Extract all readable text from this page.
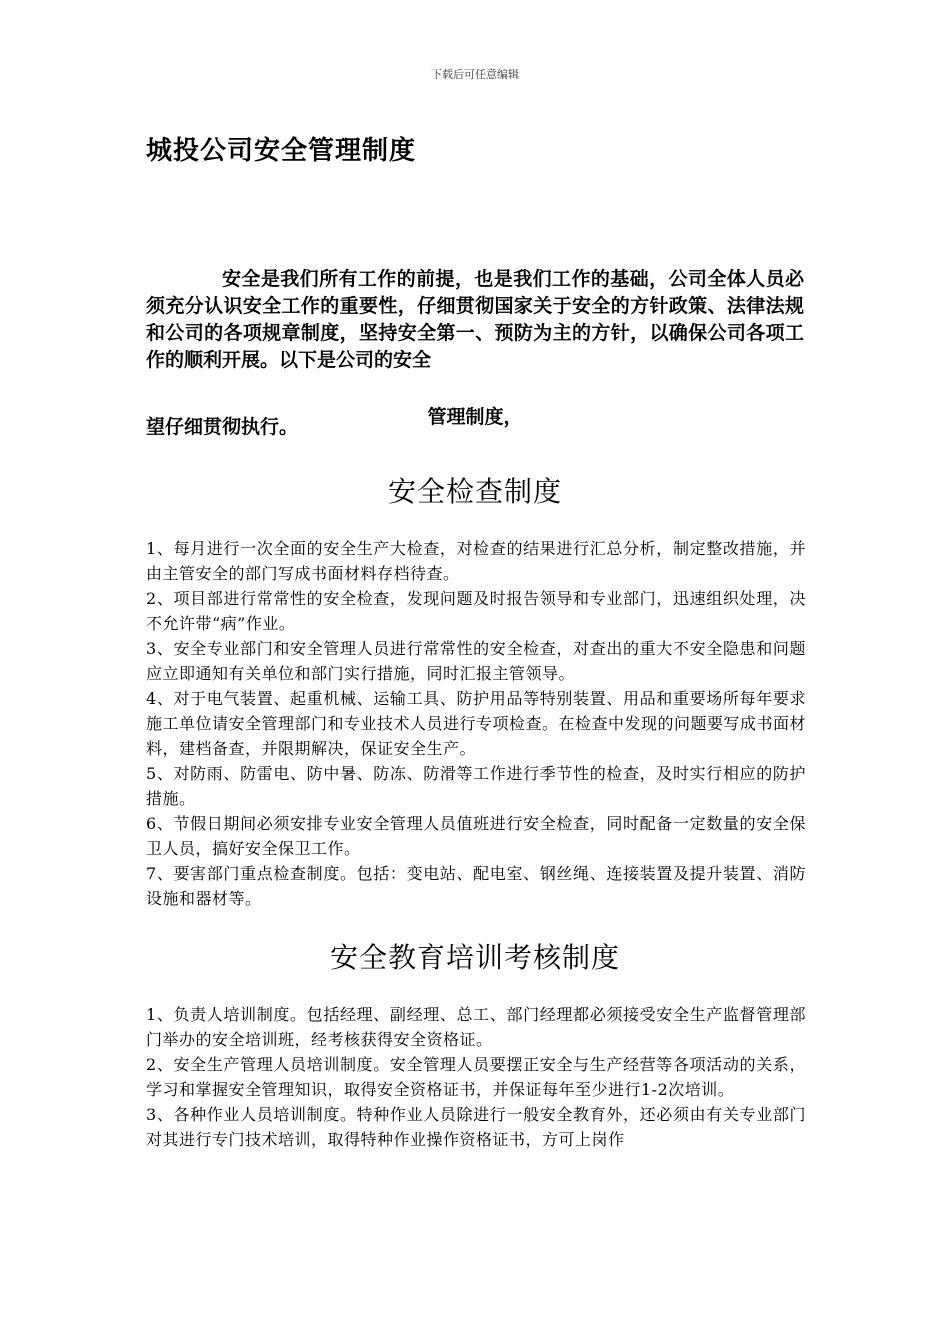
下载后可任意编辑
城投公司安全管理制度

安全是我们所有工作的前提，也是我们工作的基础，公司全体人员必须充分认识安全工作的重要性，仔细贯彻国家关于安全的方针政策、法律法规和公司的各项规章制度，坚持安全第一、预防为主的方针，以确保公司各项工作的顺利开展。以下是公司的安全

管理制度，

望仔细贯彻执行。

安全检查制度
1、每月进行一次全面的安全生产大检查，对检查的结果进行汇总分析，制定整改措施，并由主管安全的部门写成书面材料存档待查。
2、项目部进行常常性的安全检查，发现问题及时报告领导和专业部门，迅速组织处理，决不允许带“病”作业。
3、安全专业部门和安全管理人员进行常常性的安全检查，对查出的重大不安全隐患和问题应立即通知有关单位和部门实行措施，同时汇报主管领导。
4、对于电气装置、起重机械、运输工具、防护用品等特别装置、用品和重要场所每年要求施工单位请安全管理部门和专业技术人员进行专项检查。在检查中发现的问题要写成书面材料，建档备查，并限期解决，保证安全生产。
5、对防雨、防雷电、防中暑、防冻、防滑等工作进行季节性的检查，及时实行相应的防护措施。
6、节假日期间必须安排专业安全管理人员值班进行安全检查，同时配备一定数量的安全保卫人员，搞好安全保卫工作。
7、要害部门重点检查制度。包括：变电站、配电室、钢丝绳、连接装置及提升装置、消防设施和器材等。
安全教育培训考核制度
1、负责人培训制度。包括经理、副经理、总工、部门经理都必须接受安全生产监督管理部门举办的安全培训班，经考核获得安全资格证。
2、安全生产管理人员培训制度。安全管理人员要摆正安全与生产经营等各项活动的关系，学习和掌握安全管理知识，取得安全资格证书，并保证每年至少进行1-2次培训。
3、各种作业人员培训制度。特种作业人员除进行一般安全教育外，还必须由有关专业部门对其进行专门技术培训，取得特种作业操作资格证书，方可上岗作
